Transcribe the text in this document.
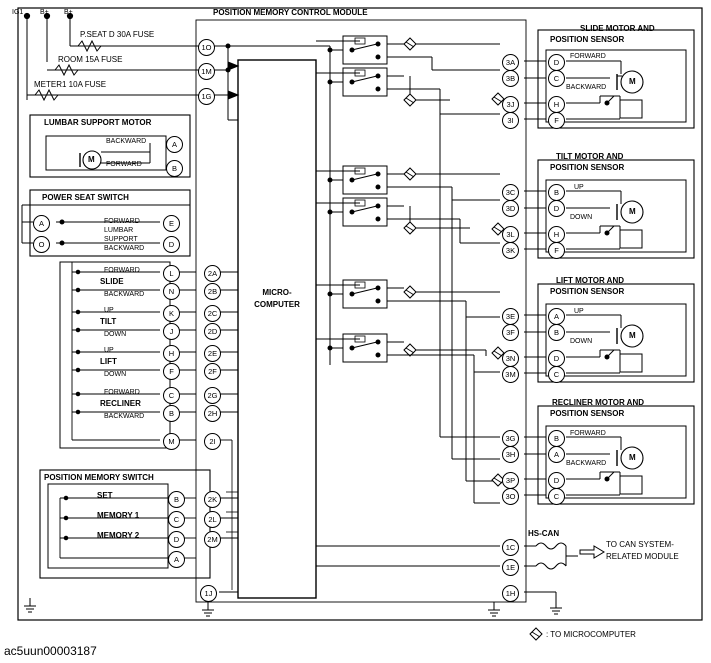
POSITION MEMORY CONTROL MODULE
IG1 B+ B+
P.SEAT D 30A FUSE
ROOM 15A FUSE
METER1 10A FUSE
MICRO-
COMPUTER
LUMBAR SUPPORT MOTOR
BACKWARD
FORWARD
M
POWER SEAT SWITCH
FORWARD
LUMBAR
SUPPORT
BACKWARD
FORWARD
SLIDE
BACKWARD
UP
TILT
DOWN
UP
LIFT
DOWN
FORWARD
RECLINER
BACKWARD
POSITION MEMORY SWITCH
SET
MEMORY 1
MEMORY 2
SLIDE MOTOR AND
POSITION SENSOR
FORWARD
BACKWARD
M
TILT MOTOR AND
POSITION SENSOR
UP
DOWN
M
LIFT MOTOR AND
POSITION SENSOR
UP
DOWN
M
RECLINER MOTOR AND
POSITION SENSOR
FORWARD
BACKWARD
M
HS-CAN
TO CAN SYSTEM-
RELATED MODULE
: TO MICROCOMPUTER
ac5uun00003187
1O
1M
1G
A
B
A
O
E
D
L
N
K
J
H
F
C
B
M
2A
2B
2C
2D
2E
2F
2G
2H
2I
B
C
D
A
2K
2L
2M
1J
3A
3B
3J
3I
D
C
H
F
3C
3D
3L
3K
B
D
H
F
3E
3F
3N
3M
A
B
D
C
3G
3H
3P
3O
B
A
D
C
1C
1E
1H
